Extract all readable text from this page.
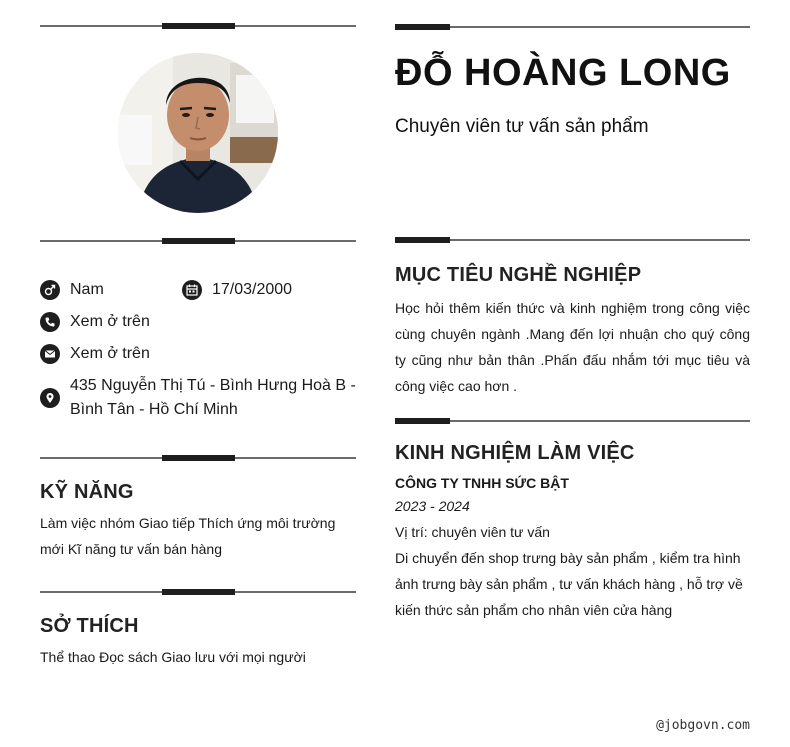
Nam	17/03/2000
Xem ở trên
Xem ở trên
435 Nguyễn Thị Tú - Bình Hưng Hoà B - Bình Tân - Hồ Chí Minh
KỸ NĂNG
Làm việc nhóm Giao tiếp Thích ứng môi trường mới Kĩ năng tư vấn bán hàng
SỞ THÍCH
Thể thao Đọc sách Giao lưu với mọi người
ĐỖ HOÀNG LONG
Chuyên viên tư vấn sản phẩm
MỤC TIÊU NGHỀ NGHIỆP
Học hỏi thêm kiến thức và kinh nghiệm trong công việc cùng chuyên ngành .Mang đến lợi nhuận cho quý công ty cũng như bản thân .Phấn đấu nhắm tới mục tiêu và công việc cao hơn .
KINH NGHIỆM LÀM VIỆC
CÔNG TY TNHH SỨC BẬT
2023 - 2024
Vị trí: chuyên viên tư vấn
Di chuyển đến shop trưng bày sản phẩm , kiểm tra hình ảnh trưng bày sản phẩm , tư vấn khách hàng , hỗ trợ về kiến thức sản phẩm cho nhân viên cửa hàng
@jobgovn.com
